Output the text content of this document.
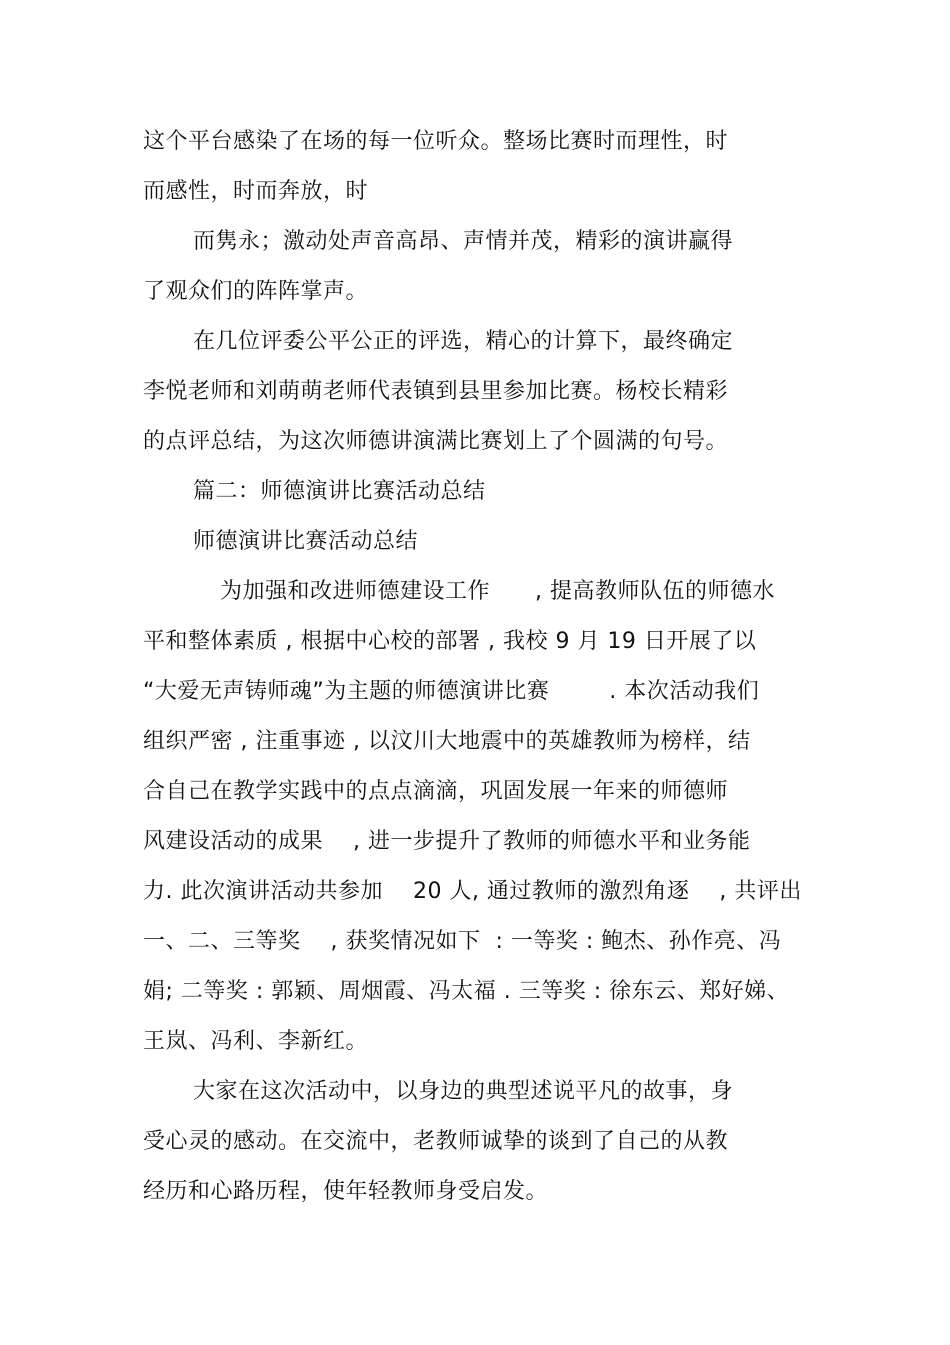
这个平台感染了在场的每一位听众。整场比赛时而理性，时
而感性，时而奔放，时
而隽永；激动处声音高昂、声情并茂，精彩的演讲赢得
了观众们的阵阵掌声。
在几位评委公平公正的评选，精心的计算下，最终确定
李悦老师和刘萌萌老师代表镇到县里参加比赛。杨校长精彩
的点评总结，为这次师德讲演满比赛划上了个圆满的句号。
篇二：师德演讲比赛活动总结
师德演讲比赛活动总结
为加强和改进师德建设工作      , 提高教师队伍的师德水
平和整体素质 , 根据中心校的部署 , 我校 9 月 19 日开展了以
“大爱无声铸师魂”为主题的师德演讲比赛        . 本次活动我们
组织严密 , 注重事迹 , 以汶川大地震中的英雄教师为榜样，结
合自己在教学实践中的点点滴滴，巩固发展一年来的师德师
风建设活动的成果    , 进一步提升了教师的师德水平和业务能
力. 此次演讲活动共参加    20 人, 通过教师的激烈角逐    , 共评出
一、二、三等奖    , 获奖情况如下  : 一等奖 : 鲍杰、孙作亮、冯
娟; 二等奖 : 郭颖、周烟霞、冯太福 . 三等奖 : 徐东云、郑好娣、
王岚、冯利、李新红。
大家在这次活动中，以身边的典型述说平凡的故事，身
受心灵的感动。在交流中，老教师诚挚的谈到了自己的从教
经历和心路历程，使年轻教师身受启发。
